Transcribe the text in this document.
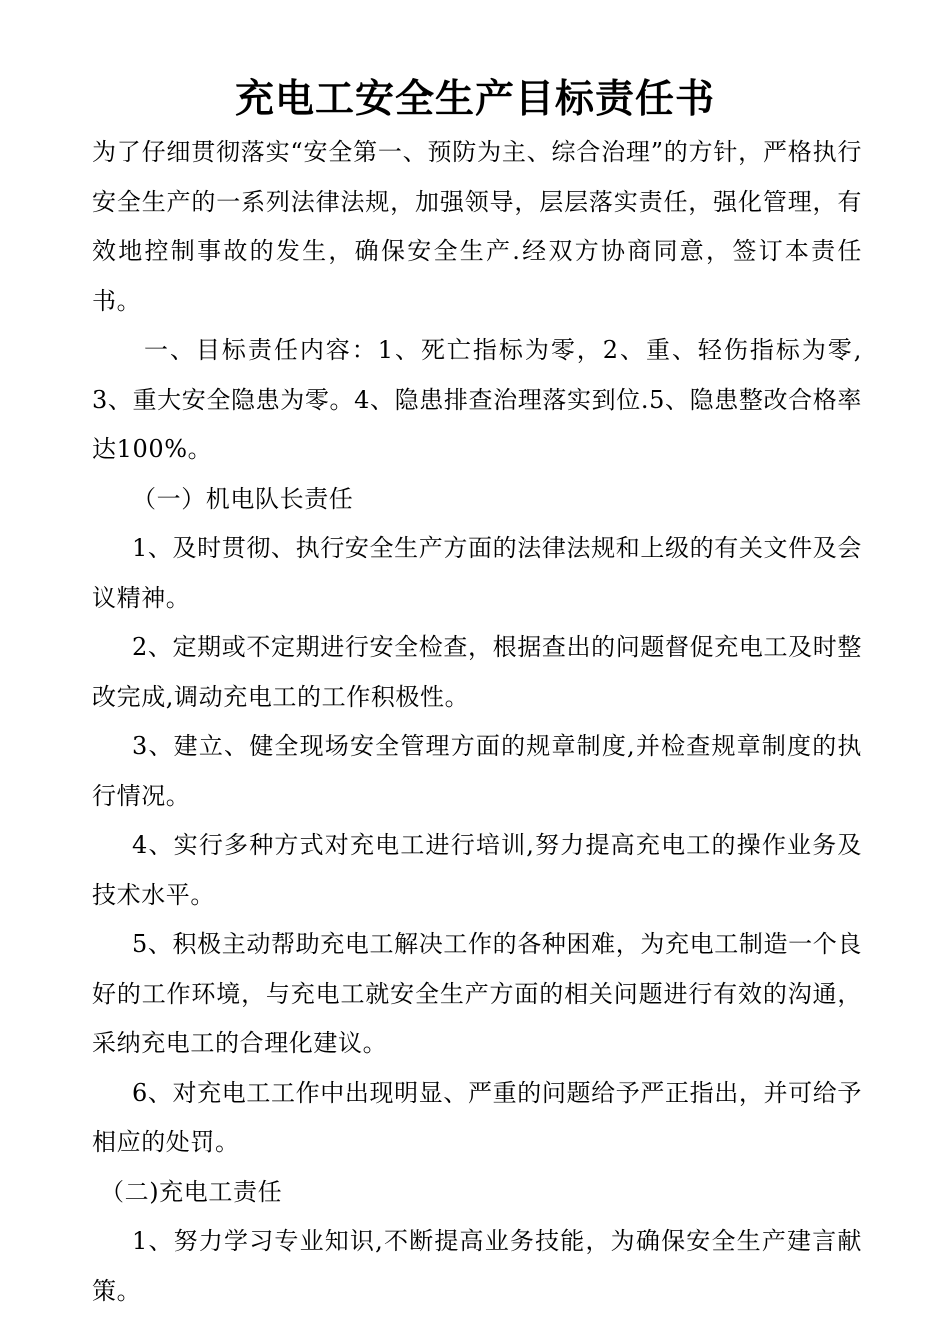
充电工安全生产目标责任书

为了仔细贯彻落实“安全第一、预防为主、综合治理”的方针，严格执行安全生产的一系列法律法规，加强领导，层层落实责任，强化管理，有效地控制事故的发生，确保安全生产.经双方协商同意，签订本责任书。

一、目标责任内容：1、死亡指标为零，2、重、轻伤指标为零,3、重大安全隐患为零。4、隐患排查治理落实到位.5、隐患整改合格率达100%。

（一）机电队长责任

1、及时贯彻、执行安全生产方面的法律法规和上级的有关文件及会议精神。

2、定期或不定期进行安全检查，根据查出的问题督促充电工及时整改完成,调动充电工的工作积极性。

3、建立、健全现场安全管理方面的规章制度,并检查规章制度的执行情况。

4、实行多种方式对充电工进行培训,努力提高充电工的操作业务及技术水平。

5、积极主动帮助充电工解决工作的各种困难，为充电工制造一个良好的工作环境，与充电工就安全生产方面的相关问题进行有效的沟通，采纳充电工的合理化建议。

6、对充电工工作中出现明显、严重的问题给予严正指出，并可给予相应的处罚。

（二)充电工责任

1、努力学习专业知识,不断提高业务技能，为确保安全生产建言献策。
